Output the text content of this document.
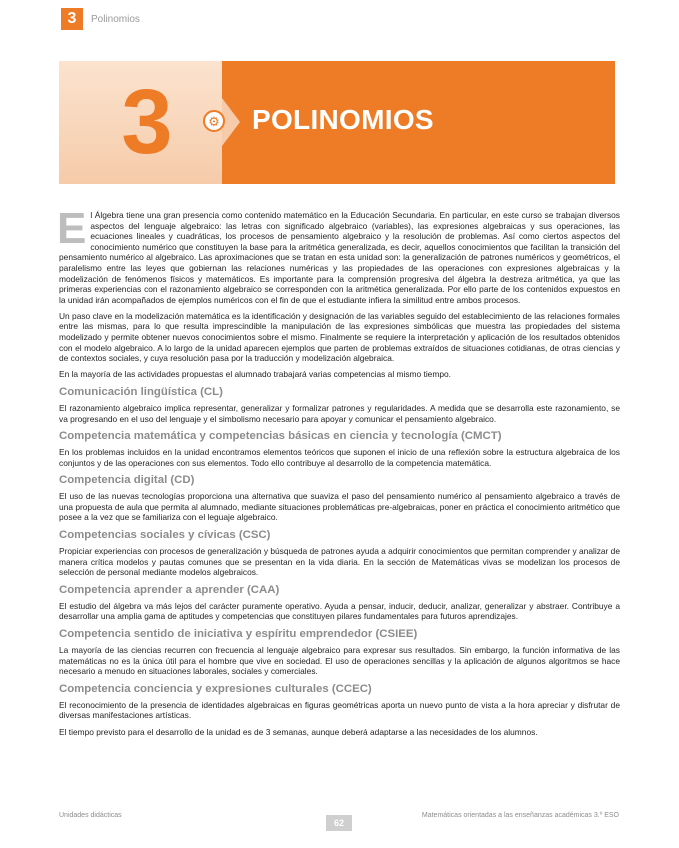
3	Polinomios
3	⚙ POLINOMIOS

El Álgebra tiene una gran presencia como contenido matemático en la Educación Secundaria. En particular, en este curso se trabajan diversos aspectos del lenguaje algebraico: las letras con significado algebraico (variables), las expresiones algebraicas y sus operaciones, las ecuaciones lineales y cuadráticas, los procesos de pensamiento algebraico y la resolución de problemas. Así como ciertos aspectos del conocimiento numérico que constituyen la base para la aritmética generalizada, es decir, aquellos conocimientos que facilitan la transición del pensamiento numérico al algebraico. Las aproximaciones que se tratan en esta unidad son: la generalización de patrones numéricos y geométricos, el paralelismo entre las leyes que gobiernan las relaciones numéricas y las propiedades de las operaciones con expresiones algebraicas y la modelización de fenómenos físicos y matemáticos. Es importante para la comprensión progresiva del álgebra la destreza aritmética, ya que las primeras experiencias con el razonamiento algebraico se corresponden con la aritmética generalizada. Por ello parte de los contenidos expuestos en la unidad irán acompañados de ejemplos numéricos con el fin de que el estudiante infiera la similitud entre ambos procesos.

Un paso clave en la modelización matemática es la identificación y designación de las variables seguido del establecimiento de las relaciones formales entre las mismas, para lo que resulta imprescindible la manipulación de las expresiones simbólicas que muestra las propiedades del sistema modelizado y permite obtener nuevos conocimientos sobre el mismo. Finalmente se requiere la interpretación y aplicación de los resultados obtenidos con el modelo algebraico. A lo largo de la unidad aparecen ejemplos que parten de problemas extraídos de situaciones cotidianas, de otras ciencias y de contextos sociales, y cuya resolución pasa por la traducción y modelización algebraica.

En la mayoría de las actividades propuestas el alumnado trabajará varias competencias al mismo tiempo.

Comunicación lingüística (CL)

El razonamiento algebraico implica representar, generalizar y formalizar patrones y regularidades. A medida que se desarrolla este razonamiento, se va progresando en el uso del lenguaje y el simbolismo necesario para apoyar y comunicar el pensamiento algebraico.

Competencia matemática y competencias básicas en ciencia y tecnología (CMCT)

En los problemas incluidos en la unidad encontramos elementos teóricos que suponen el inicio de una reflexión sobre la estructura algebraica de los conjuntos y de las operaciones con sus elementos. Todo ello contribuye al desarrollo de la competencia matemática.

Competencia digital (CD)

El uso de las nuevas tecnologías proporciona una alternativa que suaviza el paso del pensamiento numérico al pensamiento algebraico a través de una propuesta de aula que permita al alumnado, mediante situaciones problemáticas pre-algebraicas, poner en práctica el conocimiento aritmético que posee a la vez que se familiariza con el leguaje algebraico.

Competencias sociales y cívicas (CSC)

Propiciar experiencias con procesos de generalización y búsqueda de patrones ayuda a adquirir conocimientos que permitan comprender y analizar de manera crítica modelos y pautas comunes que se presentan en la vida diaria. En la sección de Matemáticas vivas se modelizan los procesos de selección de personal mediante modelos algebraicos.

Competencia aprender a aprender (CAA)

El estudio del álgebra va más lejos del carácter puramente operativo. Ayuda a pensar, inducir, deducir, analizar, generalizar y abstraer. Contribuye a desarrollar una amplia gama de aptitudes y competencias que constituyen pilares fundamentales para futuros aprendizajes.

Competencia sentido de iniciativa y espíritu emprendedor (CSIEE)

La mayoría de las ciencias recurren con frecuencia al lenguaje algebraico para expresar sus resultados. Sin embargo, la función informativa de las matemáticas no es la única útil para el hombre que vive en sociedad. El uso de operaciones sencillas y la aplicación de algunos algoritmos se hace necesario a menudo en situaciones laborales, sociales y comerciales.

Competencia conciencia y expresiones culturales (CCEC)

El reconocimiento de la presencia de identidades algebraicas en figuras geométricas aporta un nuevo punto de vista a la hora apreciar y disfrutar de diversas manifestaciones artísticas.

El tiempo previsto para el desarrollo de la unidad es de 3 semanas, aunque deberá adaptarse a las necesidades de los alumnos.

Unidades didácticas
62
Matemáticas orientadas a las enseñanzas académicas 3.º ESO
